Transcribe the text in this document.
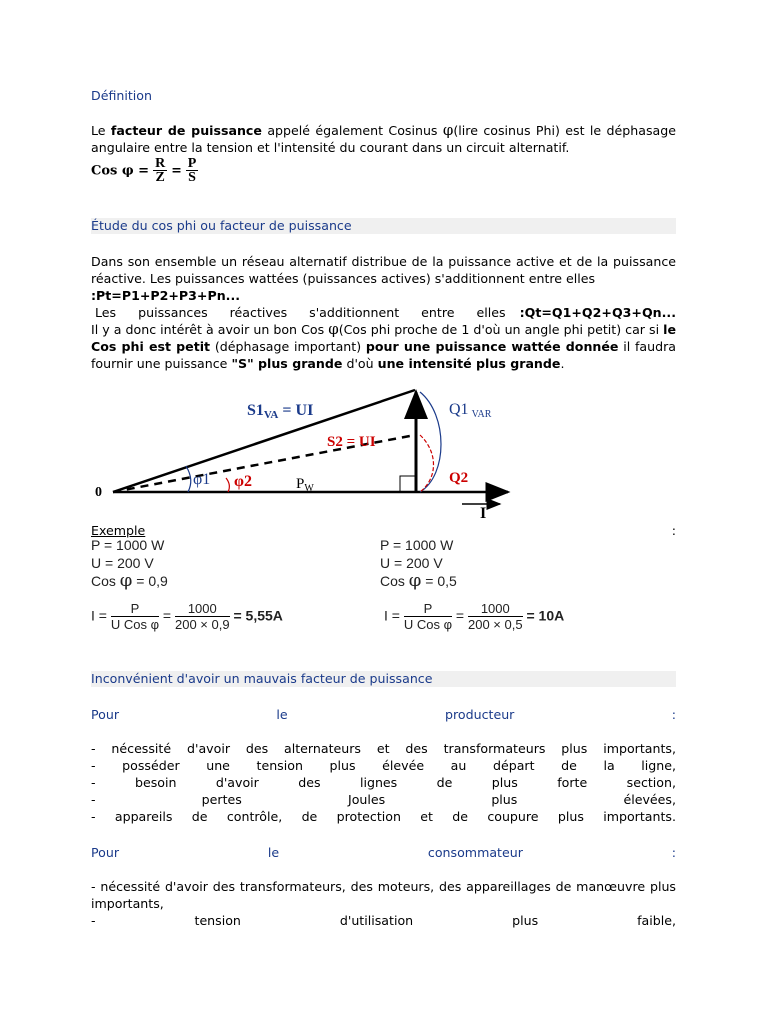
Définition
Le facteur de puissance appelé également Cosinus φ(lire cosinus Phi) est le déphasage angulaire entre la tension et l'intensité du courant dans un circuit alternatif.
Cos $\varphi = \frac{R}{Z} = \frac{P}{S}$
Étude du cos phi ou facteur de puissance
Dans son ensemble un réseau alternatif distribue de la puissance active et de la puissance réactive. Les puissances wattées (puissances actives) s'additionnent entre elles
:Pt=P1+P2+P3+Pn...
Les puissances réactives s'additionnent entre elles :Qt=Q1+Q2+Q3+Qn...
Il y a donc intérêt à avoir un bon Cos φ(Cos phi proche de 1 d'où un angle phi petit) car si le Cos phi est petit (déphasage important) pour une puissance wattée donnée il faudra fournir une puissance "S" plus grande d'où une intensité plus grande.
0
S1VA = UI
S2 = UI
Q1 VAR
Q2
φ1 φ2	$P_W$
I
Exemple	:
P = 1000 W
U = 200 V
Cos φ = 0,9
$I = \frac{P}{\text{U Cos φ}} = \frac{1000}{200 \times 0,9} = 5,55A$
P = 1000 W
U = 200 V
Cos φ = 0,5
$I = \frac{P}{\text{U Cos φ}} = \frac{1000}{200 \times 0,5} = 10A$
Inconvénient d'avoir un mauvais facteur de puissance
Pour	le	producteur	:
- nécessité d'avoir des alternateurs et des transformateurs plus importants,
- posséder une tension plus élevée au départ de la ligne,
- besoin d'avoir des lignes de plus forte section,
- pertes Joules plus élevées,
- appareils de contrôle, de protection et de coupure plus importants.
Pour	le	consommateur	:
- nécessité d'avoir des transformateurs, des moteurs, des appareillages de manœuvre plus importants,
- tension d'utilisation plus faible,
